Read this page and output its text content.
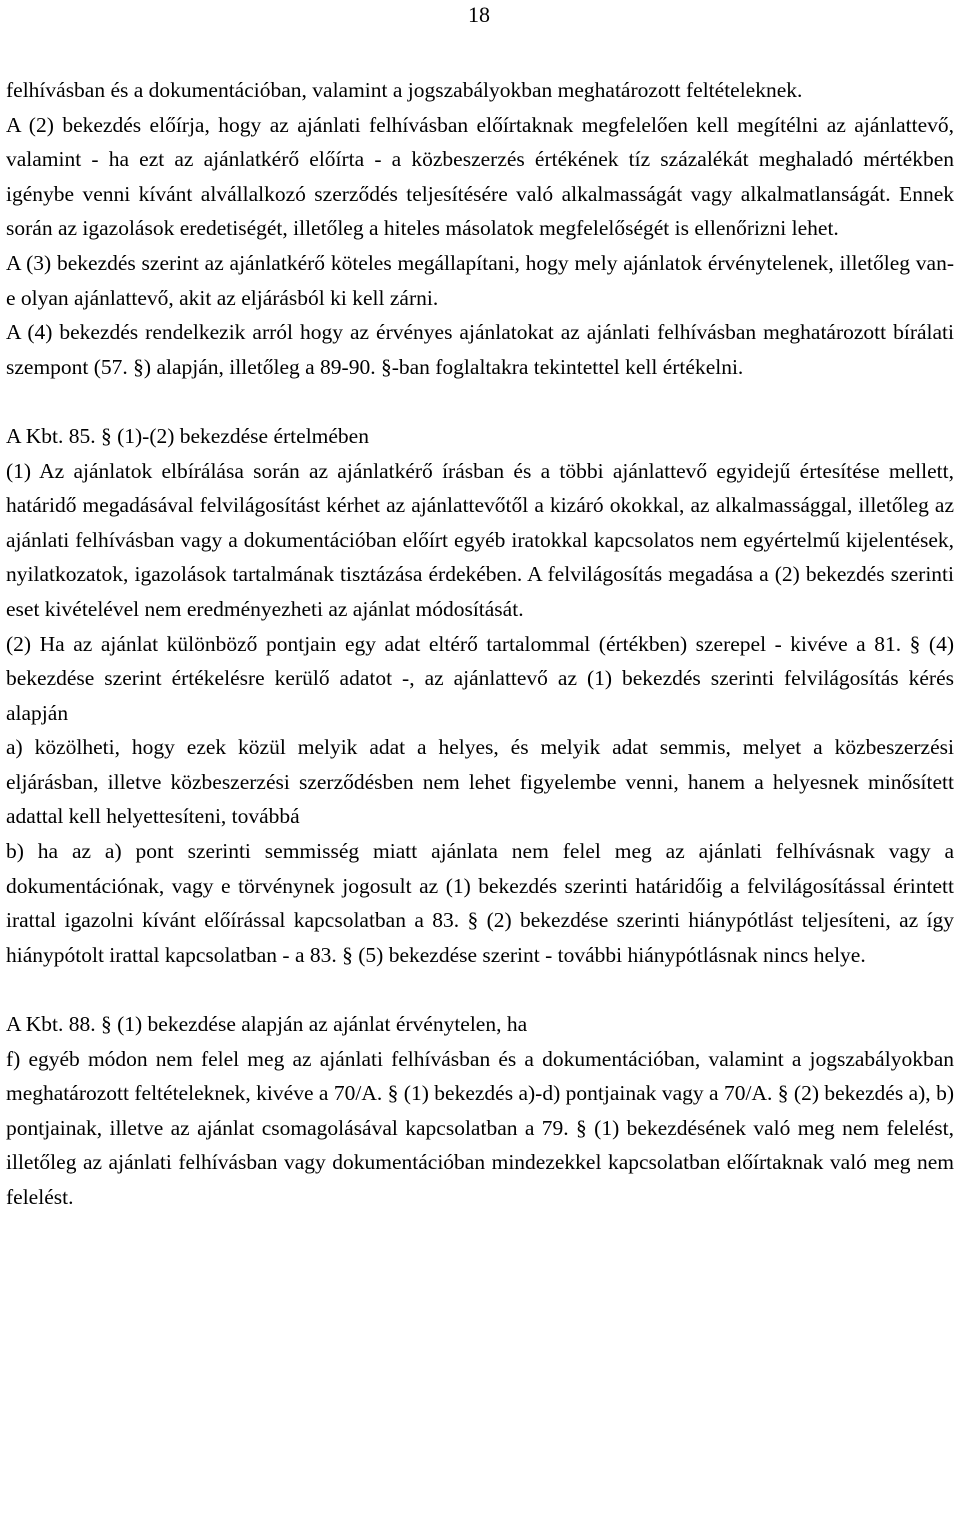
18

felhívásban és a dokumentációban, valamint a jogszabályokban meghatározott feltételeknek.

A (2) bekezdés előírja, hogy az ajánlati felhívásban előírtaknak megfelelően kell megítélni az ajánlattevő, valamint - ha ezt az ajánlatkérő előírta - a közbeszerzés értékének tíz százalékát meghaladó mértékben igénybe venni kívánt alvállalkozó szerződés teljesítésére való alkalmasságát vagy alkalmatlanságát. Ennek során az igazolások eredetiségét, illetőleg a hiteles másolatok megfelelőségét is ellenőrizni lehet.

A (3) bekezdés szerint az ajánlatkérő köteles megállapítani, hogy mely ajánlatok érvénytelenek, illetőleg van-e olyan ajánlattevő, akit az eljárásból ki kell zárni.

A (4) bekezdés rendelkezik arról hogy az érvényes ajánlatokat az ajánlati felhívásban meghatározott bírálati szempont (57. §) alapján, illetőleg a 89-90. §-ban foglaltakra tekintettel kell értékelni.

A Kbt. 85. § (1)-(2) bekezdése értelmében

(1) Az ajánlatok elbírálása során az ajánlatkérő írásban és a többi ajánlattevő egyidejű értesítése mellett, határidő megadásával felvilágosítást kérhet az ajánlattevőtől a kizáró okokkal, az alkalmassággal, illetőleg az ajánlati felhívásban vagy a dokumentációban előírt egyéb iratokkal kapcsolatos nem egyértelmű kijelentések, nyilatkozatok, igazolások tartalmának tisztázása érdekében. A felvilágosítás megadása a (2) bekezdés szerinti eset kivételével nem eredményezheti az ajánlat módosítását.

(2) Ha az ajánlat különböző pontjain egy adat eltérő tartalommal (értékben) szerepel - kivéve a 81. § (4) bekezdése szerint értékelésre kerülő adatot -, az ajánlattevő az (1) bekezdés szerinti felvilágosítás kérés alapján

a) közölheti, hogy ezek közül melyik adat a helyes, és melyik adat semmis, melyet a közbeszerzési eljárásban, illetve közbeszerzési szerződésben nem lehet figyelembe venni, hanem a helyesnek minősített adattal kell helyettesíteni, továbbá

b) ha az a) pont szerinti semmisség miatt ajánlata nem felel meg az ajánlati felhívásnak vagy a dokumentációnak, vagy e törvénynek jogosult az (1) bekezdés szerinti határidőig a felvilágosítással érintett irattal igazolni kívánt előírással kapcsolatban a 83. § (2) bekezdése szerinti hiánypótlást teljesíteni, az így hiánypótolt irattal kapcsolatban - a 83. § (5) bekezdése szerint - további hiánypótlásnak nincs helye.

A Kbt. 88. § (1) bekezdése alapján az ajánlat érvénytelen, ha

f) egyéb módon nem felel meg az ajánlati felhívásban és a dokumentációban, valamint a jogszabályokban meghatározott feltételeknek, kivéve a 70/A. § (1) bekezdés a)-d) pontjainak vagy a 70/A. § (2) bekezdés a), b) pontjainak, illetve az ajánlat csomagolásával kapcsolatban a 79. § (1) bekezdésének való meg nem felelést, illetőleg az ajánlati felhívásban vagy dokumentációban mindezekkel kapcsolatban előírtaknak való meg nem felelést.
